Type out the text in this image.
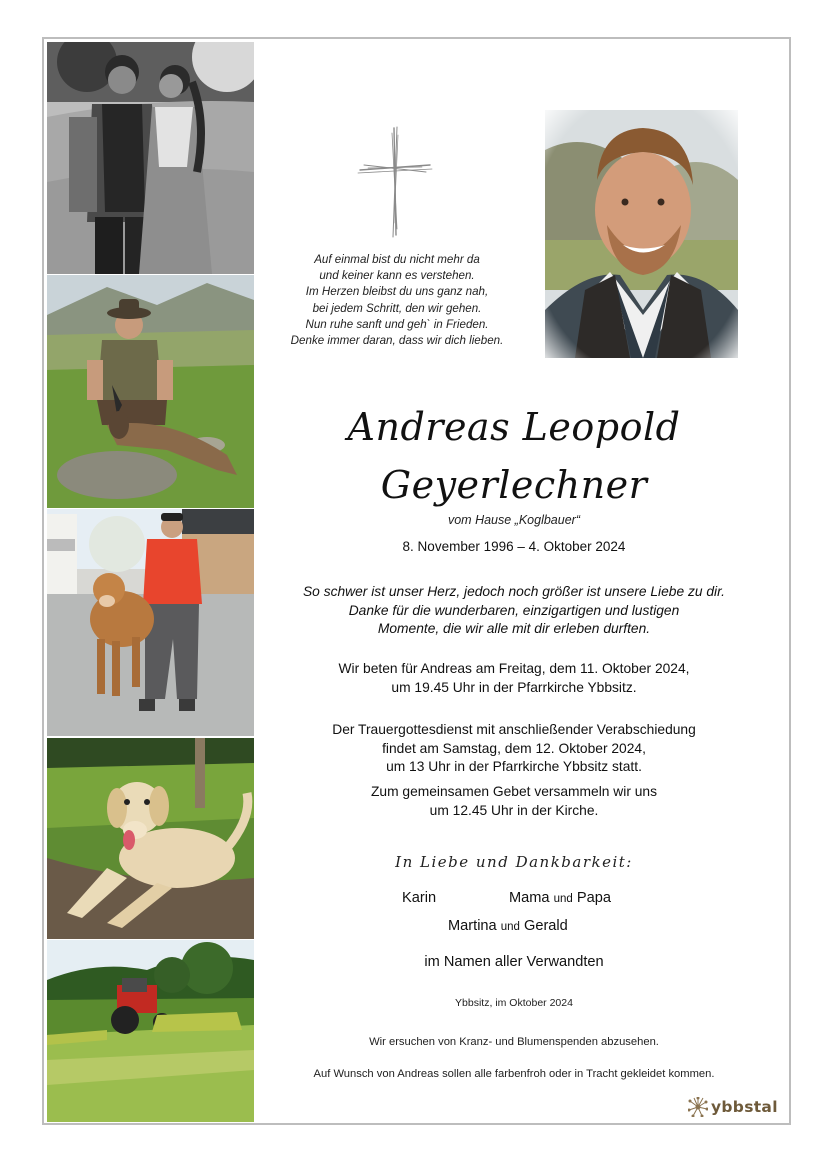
Auf einmal bist du nicht mehr da
und keiner kann es verstehen.
Im Herzen bleibst du uns ganz nah,
bei jedem Schritt, den wir gehen.
Nun ruhe sanft und geh` in Frieden.
Denke immer daran, dass wir dich lieben.
Andreas Leopold
Geyerlechner
vom Hause „Koglbauer“
8. November 1996 – 4. Oktober 2024
So schwer ist unser Herz, jedoch noch größer ist unsere Liebe zu dir.
Danke für die wunderbaren, einzigartigen und lustigen
Momente, die wir alle mit dir erleben durften.
Wir beten für Andreas am Freitag, dem 11. Oktober 2024,
um 19.45 Uhr in der Pfarrkirche Ybbsitz.
Der Trauergottesdienst mit anschließender Verabschiedung
findet am Samstag, dem 12. Oktober 2024,
um 13 Uhr in der Pfarrkirche Ybbsitz statt.
Zum gemeinsamen Gebet versammeln wir uns
um 12.45 Uhr in der Kirche.
In Liebe und Dankbarkeit:
Karin	Mama und Papa
Martina und Gerald
im Namen aller Verwandten
Ybbsitz, im Oktober 2024
Wir ersuchen von Kranz- und Blumenspenden abzusehen.
Auf Wunsch von Andreas sollen alle farbenfroh oder in Tracht gekleidet kommen.
ybbstal
